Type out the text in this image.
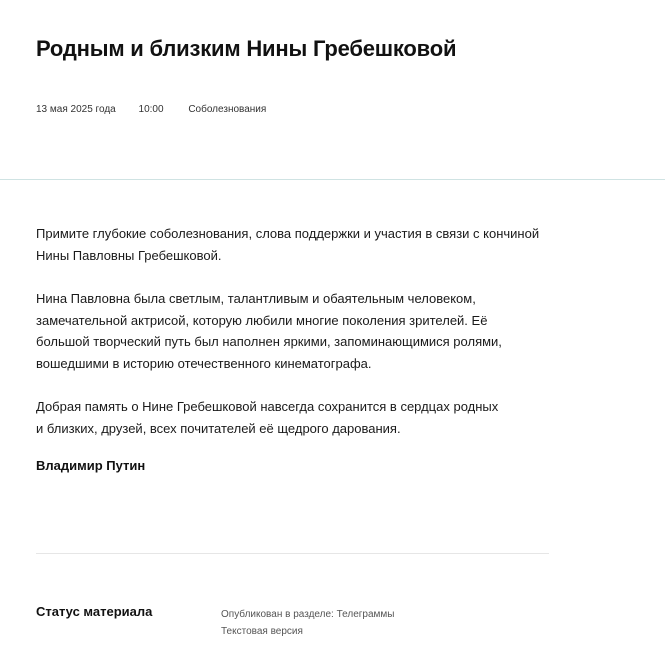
Родным и близким Нины Гребешковой
13 мая 2025 года 10:00 Соболезнования

Примите глубокие соболезнования, слова поддержки и участия в связи с кончиной
Нины Павловны Гребешковой.

Нина Павловна была светлым, талантливым и обаятельным человеком,
замечательной актрисой, которую любили многие поколения зрителей. Её
большой творческий путь был наполнен яркими, запоминающимися ролями,
вошедшими в историю отечественного кинематографа.

Добрая память о Нине Гребешковой навсегда сохранится в сердцах родных
и близких, друзей, всех почитателей её щедрого дарования.

Владимир Путин
Статус материала	Опубликован в разделе: Телеграммы
Текстовая версия
